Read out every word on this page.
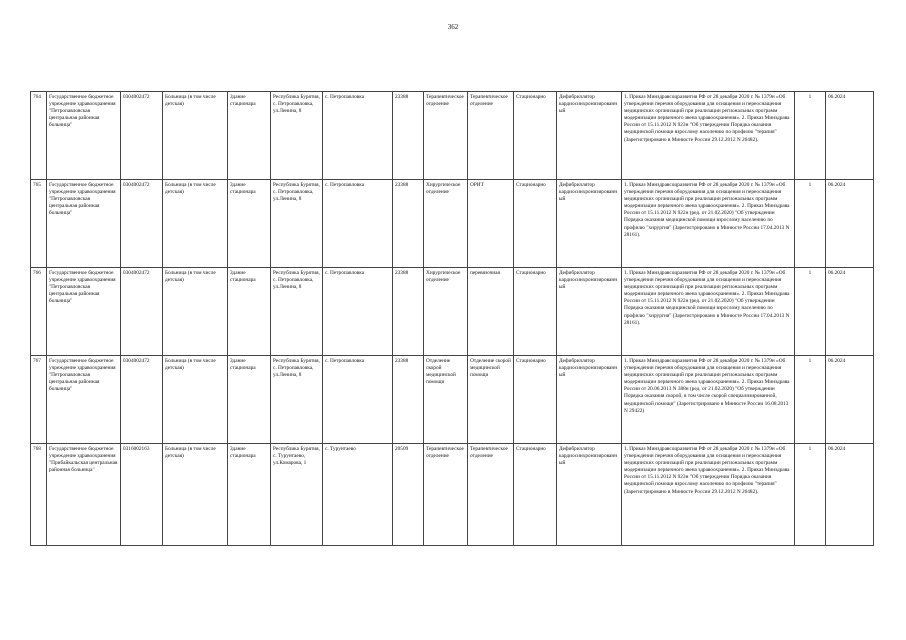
362
764	Государственное бюджетное учреждение здравоохранения "Петропавловская центральная районная больница"	0304002472	Больница (в том числе детская)	Здание стационара	Республика Бурятия, с. Петропавловка, ул.Ленина, 8	с. Петропавловка	23388	Терапевтическое отделение	Терапевтическое отделение	Стационарно	Дефибриллятор кардиосинхронизированный	1. Приказ Минздравсоцразвития РФ от 28 декабря 2020 г. № 1379н «Об утверждении перечня оборудования для оснащения и переоснащения медицинских организаций при реализации региональных программ модернизации первичного звена здравоохранения». 2. Приказ Минздрава России от 15.11.2012 N 923н "Об утверждении Порядка оказания медицинской помощи взрослому населению по профилю "терапия" (Зарегистрировано в Минюсте России 29.12.2012 N 26482).	1	06.2024
765	Государственное бюджетное учреждение здравоохранения "Петропавловская центральная районная больница"	0304002472	Больница (в том числе детская)	Здание стационара	Республика Бурятия, с. Петропавловка, ул.Ленина, 8	с. Петропавловка	23388	Хирургическое отделение	ОРИТ	Стационарно	Дефибриллятор кардиосинхронизированный	1. Приказ Минздравсоцразвития РФ от 28 декабря 2020 г. № 1379н «Об утверждении перечня оборудования для оснащения и переоснащения медицинских организаций при реализации региональных программ модернизации первичного звена здравоохранения». 2. Приказ Минздрава России от 15.11.2012 N 922н (ред. от 21.02.2020) "Об утверждении Порядка оказания медицинской помощи взрослому населению по профилю "хирургия" (Зарегистрировано в Минюсте России 17.04.2013 N 28161).	1	06.2024
766	Государственное бюджетное учреждение здравоохранения "Петропавловская центральная районная больница"	0304002472	Больница (в том числе детская)	Здание стационара	Республика Бурятия, с. Петропавловка, ул.Ленина, 8	с. Петропавловка	23388	Хирургическое отделение	перевязочная	Стационарно	Дефибриллятор кардиосинхронизированный	1. Приказ Минздравсоцразвития РФ от 28 декабря 2020 г. № 1379н «Об утверждении перечня оборудования для оснащения и переоснащения медицинских организаций при реализации региональных программ модернизации первичного звена здравоохранения». 2. Приказ Минздрава России от 15.11.2012 N 922н (ред. от 21.02.2020) "Об утверждении Порядка оказания медицинской помощи взрослому населению по профилю "хирургия" (Зарегистрировано в Минюсте России 17.04.2013 N 28161).	1	06.2024
767	Государственное бюджетное учреждение здравоохранения "Петропавловская центральная районная больница"	0304002472	Больница (в том числе детская)	Здание стационара	Республика Бурятия, с. Петропавловка, ул.Ленина, 8	с. Петропавловка	23388	Отделение скорой медицинской помощи	Отделение скорой медицинской помощи	Стационарно	Дефибриллятор кардиосинхронизированный	1. Приказ Минздравсоцразвития РФ от 28 декабря 2020 г. № 1379н «Об утверждении перечня оборудования для оснащения и переоснащения медицинских организаций при реализации региональных программ модернизации первичного звена здравоохранения». 2. Приказ Минздрава России от 20.06.2013 N 388н (ред. от 21.02.2020) "Об утверждении Порядка оказания скорой, в том числе скорой специализированной, медицинской помощи" (Зарегистрировано в Минюсте России 16.08.2013 N 29422)	1	06.2024
768	Государственное бюджетное учреждение здравоохранения "Прибайкальская центральная районная больница"	0316002163	Больница (в том числе детская)	Здание стационара	Республика Бурятия, с. Турунтаево, ул.Комарова, 1	с. Турунтаево	20509	Терапевтическое отделение	Терапевтическое отделение	Стационарно	Дефибриллятор кардиосинхронизированный	1. Приказ Минздравсоцразвития РФ от 28 декабря 2020 г. № 1379н «Об утверждении перечня оборудования для оснащения и переоснащения медицинских организаций при реализации региональных программ модернизации первичного звена здравоохранения». 2. Приказ Минздрава России от 15.11.2012 N 923н "Об утверждении Порядка оказания медицинской помощи взрослому населению по профилю "терапия" (Зарегистрировано в Минюсте России 29.12.2012 N 26482).	1	06.2024
